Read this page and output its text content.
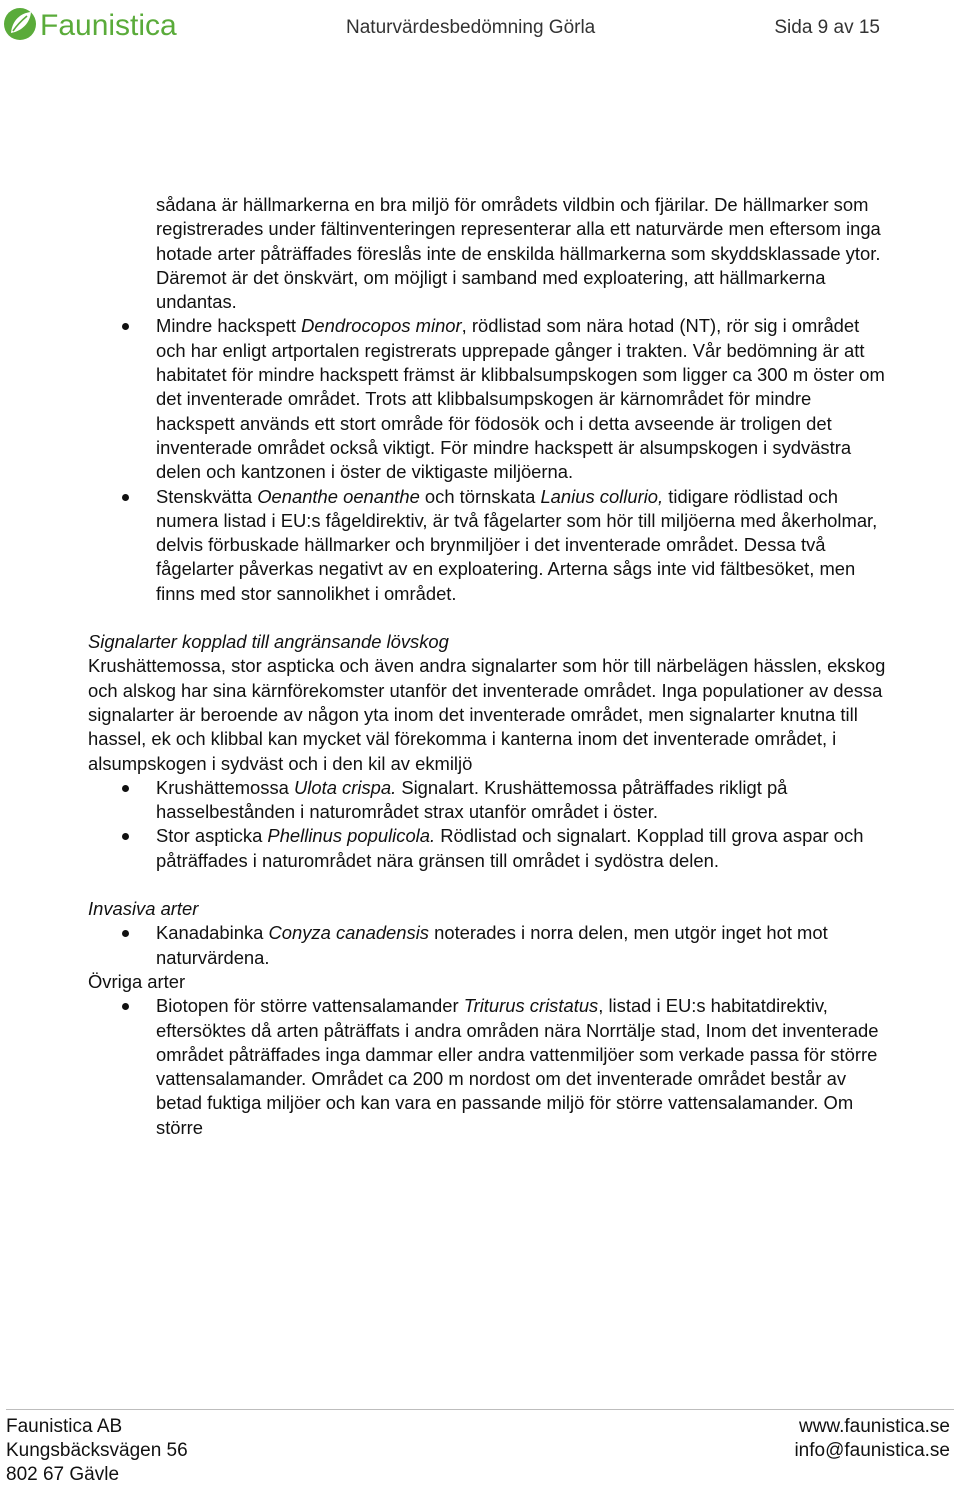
Faunistica	Naturvärdesbedömning Görla	Sida 9 av 15
sådana är hällmarkerna en bra miljö för områdets vildbin och fjärilar. De hällmarker som registrerades under fältinventeringen representerar alla ett naturvärde men eftersom inga hotade arter påträffades föreslås inte de enskilda hällmarkerna som skyddsklassade ytor. Däremot är det önskvärt, om möjligt i samband med exploatering, att hällmarkerna undantas.
Mindre hackspett Dendrocopos minor, rödlistad som nära hotad (NT), rör sig i området och har enligt artportalen registrerats upprepade gånger i trakten. Vår bedömning är att habitatet för mindre hackspett främst är klibbalsumpskogen som ligger ca 300 m öster om det inventerade området. Trots att klibbalsumpskogen är kärnområdet för mindre hackspett används ett stort område för födosök och i detta avseende är troligen det inventerade området också viktigt. För mindre hackspett är alsumpskogen i sydvästra delen och kantzonen i öster de viktigaste miljöerna.
Stenskvätta Oenanthe oenanthe och törnskata Lanius collurio, tidigare rödlistad och numera listad i EU:s fågeldirektiv, är två fågelarter som hör till miljöerna med åkerholmar, delvis förbuskade hällmarker och brynmiljöer i det inventerade området. Dessa två fågelarter påverkas negativt av en exploatering. Arterna sågs inte vid fältbesöket, men finns med stor sannolikhet i området.

Signalarter kopplad till angränsande lövskog

Krushättemossa, stor aspticka och även andra signalarter som hör till närbelägen hässlen, ekskog och alskog har sina kärnförekomster utanför det inventerade området. Inga populationer av dessa signalarter är beroende av någon yta inom det inventerade området, men signalarter knutna till hassel, ek och klibbal kan mycket väl förekomma i kanterna inom det inventerade området, i alsumpskogen i sydväst och i den kil av ekmiljö

Krushättemossa Ulota crispa. Signalart. Krushättemossa påträffades rikligt på hasselbestånden i naturområdet strax utanför området i öster.
Stor aspticka Phellinus populicola. Rödlistad och signalart. Kopplad till grova aspar och påträffades i naturområdet nära gränsen till området i sydöstra delen.

Invasiva arter

Kanadabinka Conyza canadensis noterades i norra delen, men utgör inget hot mot naturvärdena.

Övriga arter

Biotopen för större vattensalamander Triturus cristatus, listad i EU:s habitatdirektiv, eftersöktes då arten påträffats i andra områden nära Norrtälje stad, Inom det inventerade området påträffades inga dammar eller andra vattenmiljöer som verkade passa för större vattensalamander. Området ca 200 m nordost om det inventerade området består av betad fuktiga miljöer och kan vara en passande miljö för större vattensalamander. Om större
Faunistica AB
Kungsbäcksvägen 56
802 67 Gävle
www.faunistica.se
info@faunistica.se
